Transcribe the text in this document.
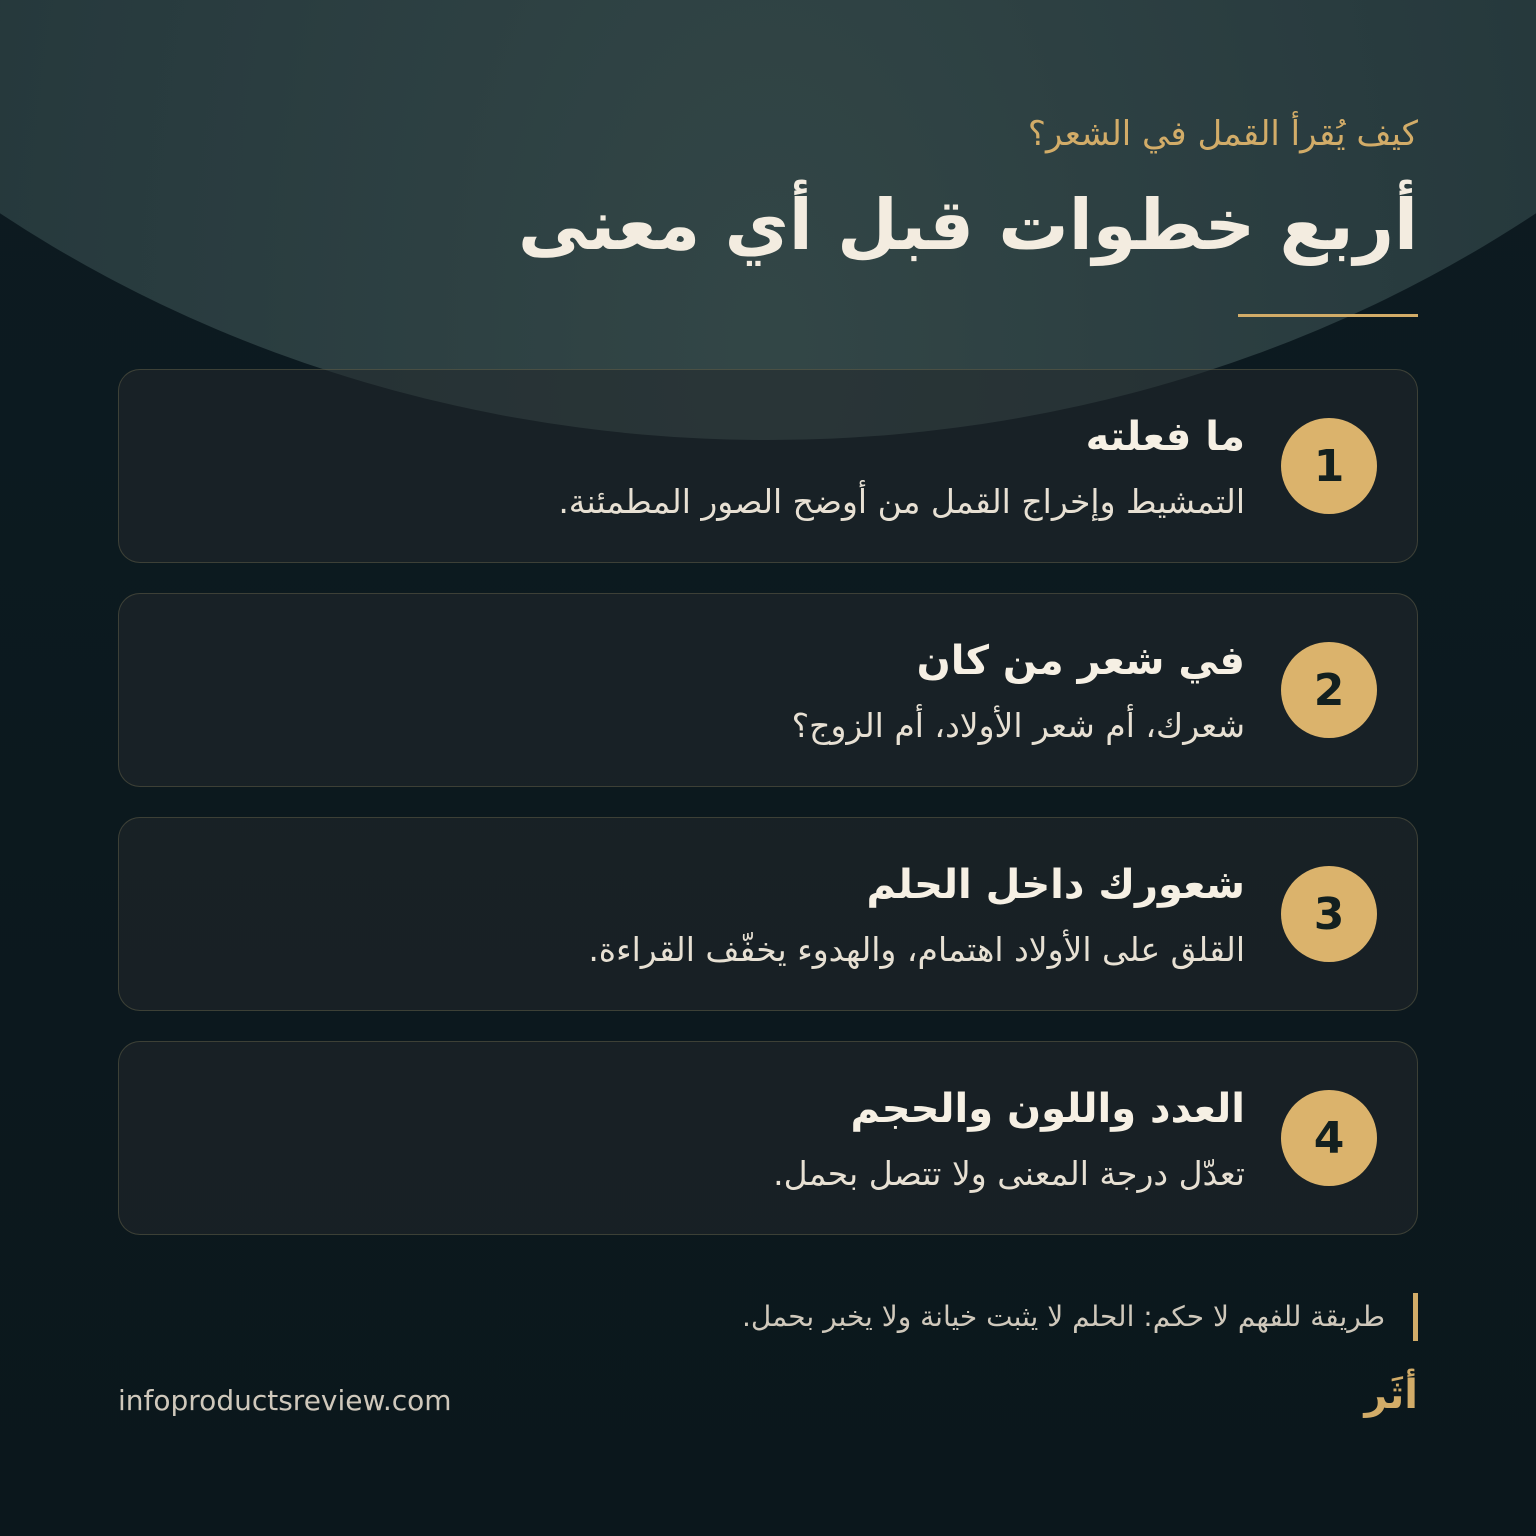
كيف يُقرأ القمل في الشعر؟
أربع خطوات قبل أي معنى
1
ما فعلته
التمشيط وإخراج القمل من أوضح الصور المطمئنة.
2
في شعر من كان
شعرك، أم شعر الأولاد، أم الزوج؟
3
شعورك داخل الحلم
القلق على الأولاد اهتمام، والهدوء يخفّف القراءة.
4
العدد واللون والحجم
تعدّل درجة المعنى ولا تتصل بحمل.
طريقة للفهم لا حكم: الحلم لا يثبت خيانة ولا يخبر بحمل.
infoproductsreview.com	أثَر
